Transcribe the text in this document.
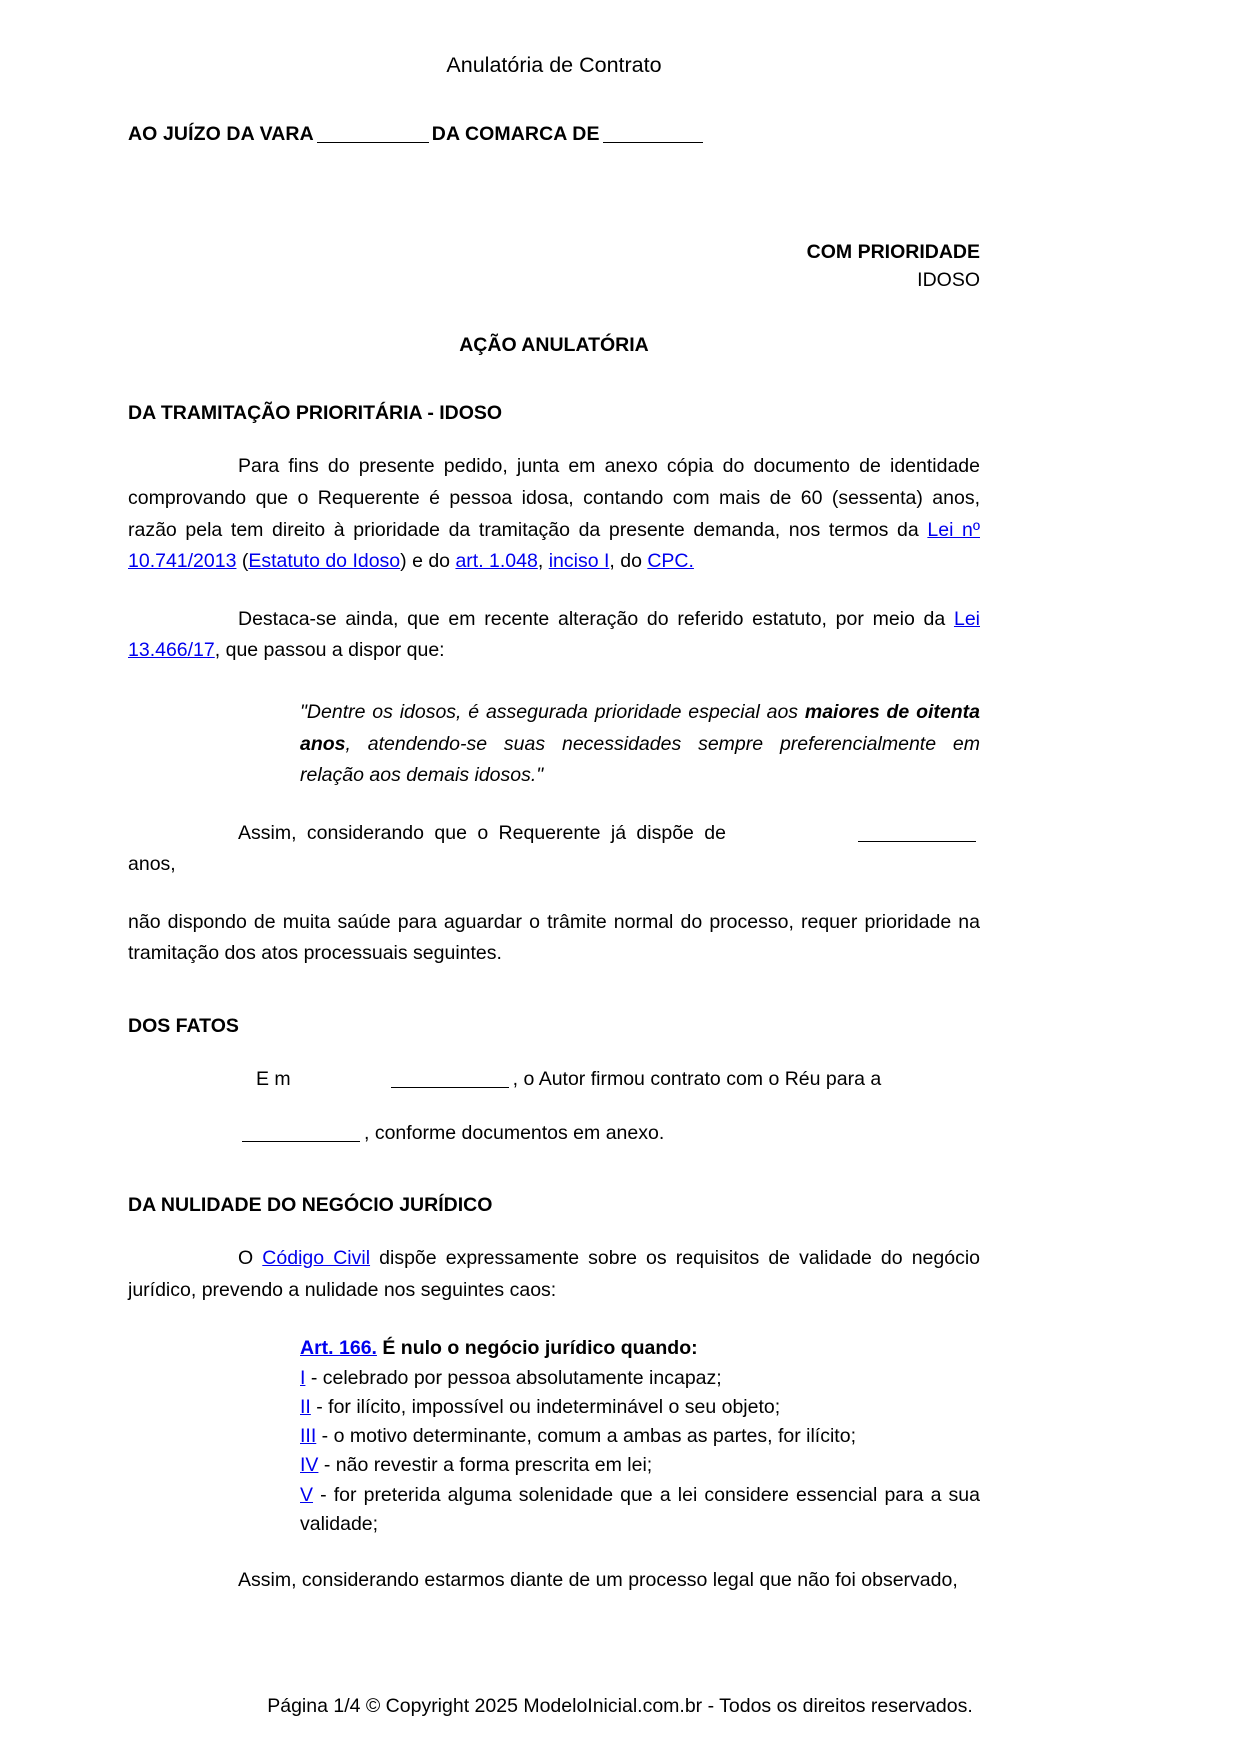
Anulatória de Contrato
AO JUÍZO DA VARA	DA COMARCA DE
COM PRIORIDADE
IDOSO
AÇÃO ANULATÓRIA
DA TRAMITAÇÃO PRIORITÁRIA - IDOSO

Para fins do presente pedido, junta em anexo cópia do documento de identidade comprovando que o Requerente é pessoa idosa, contando com mais de 60 (sessenta) anos, razão pela tem direito à prioridade da tramitação da presente demanda, nos termos da Lei nº 10.741/2013 (Estatuto do Idoso) e do art. 1.048, inciso I, do CPC.

Destaca-se ainda, que em recente alteração do referido estatuto, por meio da Lei 13.466/17, que passou a dispor que:

"Dentre os idosos, é assegurada prioridade especial aos maiores de oitenta anos, atendendo-se suas necessidades sempre preferencialmente em relação aos demais idosos."

Assim, considerando que o Requerente já dispõe deanos,

não dispondo de muita saúde para aguardar o trâmite normal do processo, requer prioridade na tramitação dos atos processuais seguintes.

DOS FATOS

E m	, o Autor firmou contrato com o Réu para a

, conforme documentos em anexo.

DA NULIDADE DO NEGÓCIO JURÍDICO

O Código Civil dispõe expressamente sobre os requisitos de validade do negócio jurídico, prevendo a nulidade nos seguintes caos:

Art. 166. É nulo o negócio jurídico quando:
I - celebrado por pessoa absolutamente incapaz;
II - for ilícito, impossível ou indeterminável o seu objeto;
III - o motivo determinante, comum a ambas as partes, for ilícito;
IV - não revestir a forma prescrita em lei;
V - for preterida alguma solenidade que a lei considere essencial para a sua validade;

Assim, considerando estarmos diante de um processo legal que não foi observado,

Página 1/4 © Copyright 2025 ModeloInicial.com.br - Todos os direitos reservados.
